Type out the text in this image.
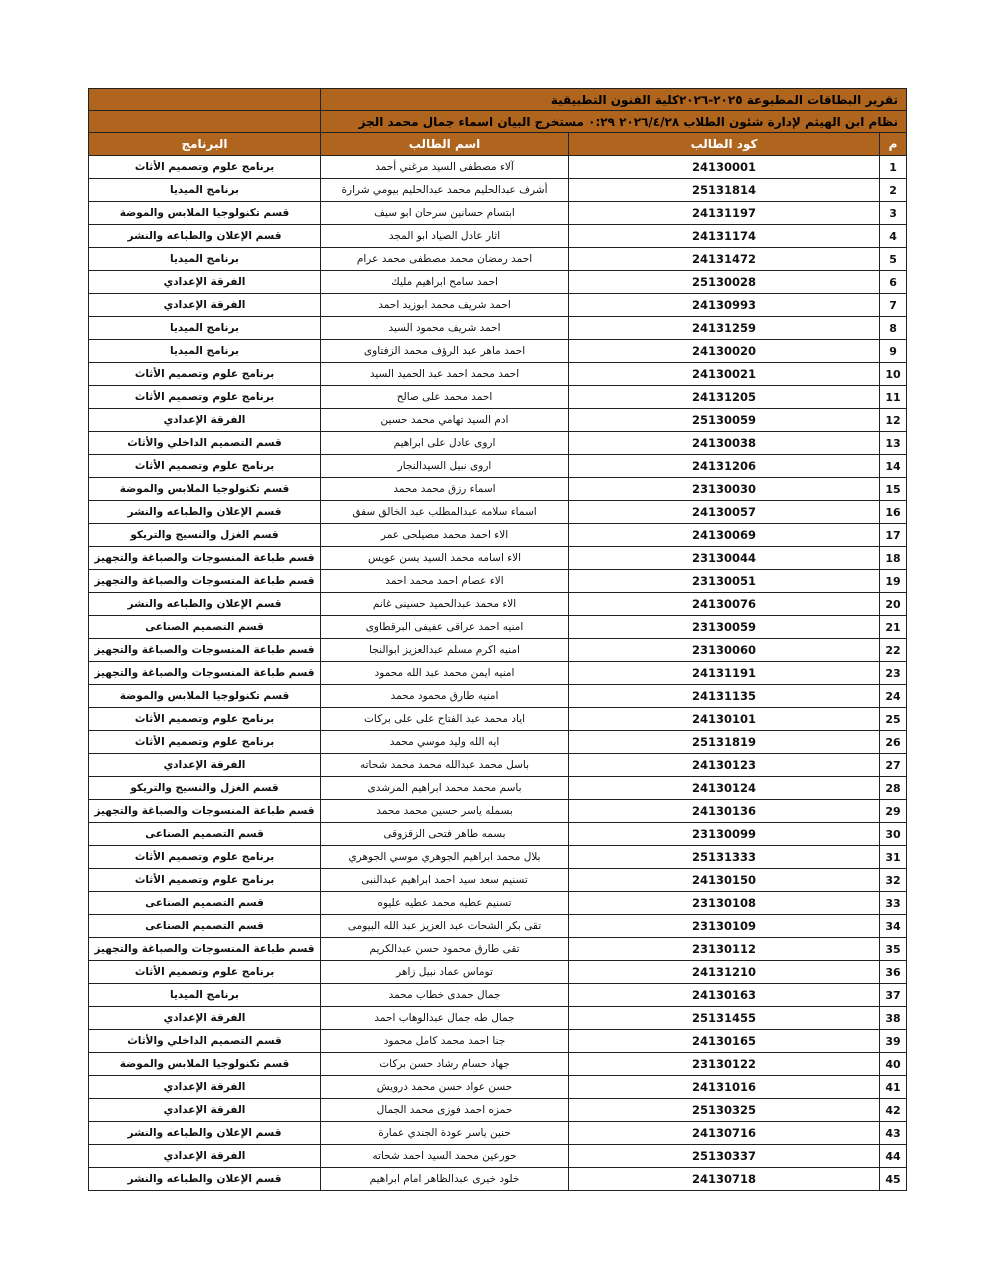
تقرير البطاقات المطبوعة ٢٠٢٥-٢٠٢٦كلية الفنون التطبيقية			
نظام ابن الهيثم لإدارة شئون الطلاب ٢٠٢٦/٤/٢٨ ٠:٢٩ مستخرج البيان اسماء جمال محمد الجز			
م	كود الطالب	اسم الطالب	البرنامج
1	24130001	آلاء مصطفى السيد مرغني أحمد	برنامج علوم وتصميم الأثاث
2	25131814	أشرف عبدالحليم محمد عبدالحليم بيومي شرارة	برنامج الميديا
3	24131197	ابتسام حسانين سرحان ابو سيف	قسم تكنولوجيا الملابس والموضة
4	24131174	اثار عادل الصياد ابو المجد	قسم الإعلان والطباعه والنشر
5	24131472	احمد رمضان محمد مصطفى محمد عرام	برنامج الميديا
6	25130028	احمد سامح ابراهيم مليك	الفرقة الإعدادي
7	24130993	احمد شريف محمد ابوزيد احمد	الفرقة الإعدادي
8	24131259	احمد شريف محمود السيد	برنامج الميديا
9	24130020	احمد ماهر عبد الرؤف محمد الزفتاوى	برنامج الميديا
10	24130021	احمد محمد احمد عبد الحميد السيد	برنامج علوم وتصميم الأثاث
11	24131205	احمد محمد على صالح	برنامج علوم وتصميم الأثاث
12	25130059	ادم السيد تهامي محمد حسين	الفرقة الإعدادي
13	24130038	اروى عادل على ابراهيم	قسم التصميم الداخلي والأثاث
14	24131206	اروى نبيل السيدالنجار	برنامج علوم وتصميم الأثاث
15	23130030	اسماء رزق محمد محمد	قسم تكنولوجيا الملابس والموضة
16	24130057	اسماء سلامه عبدالمطلب عبد الخالق سفق	قسم الإعلان والطباعه والنشر
17	24130069	الاء احمد محمد مصيلحى عمر	قسم الغزل والنسيج والتريكو
18	23130044	الاء اسامه محمد السيد يسن عويس	قسم طباعة المنسوجات والصباغة والتجهيز
19	23130051	الاء عصام احمد محمد احمد	قسم طباعة المنسوجات والصباغة والتجهيز
20	24130076	الاء محمد عبدالحميد حسينى غانم	قسم الإعلان والطباعه والنشر
21	23130059	امنيه احمد عراقى عفيفى البرقطاوى	قسم التصميم الصناعى
22	23130060	امنيه اكرم مسلم عبدالعزيز ابوالنجا	قسم طباعة المنسوجات والصباغة والتجهيز
23	24131191	امنيه ايمن محمد عبد الله محمود	قسم طباعة المنسوجات والصباغة والتجهيز
24	24131135	امنيه طارق محمود محمد	قسم تكنولوجيا الملابس والموضة
25	24130101	اياد محمد عبد الفتاح على على بركات	برنامج علوم وتصميم الأثاث
26	25131819	ايه الله وليد موسي محمد	برنامج علوم وتصميم الأثاث
27	24130123	باسل محمد عبدالله محمد محمد شحاته	الفرقة الإعدادي
28	24130124	باسم محمد محمد ابراهيم المرشدى	قسم الغزل والنسيج والتريكو
29	24130136	بسمله ياسر حسين محمد محمد	قسم طباعة المنسوجات والصباغة والتجهيز
30	23130099	بسمه طاهر فتحى الزقزوقى	قسم التصميم الصناعى
31	25131333	بلال محمد ابراهيم الجوهري موسي الجوهري	برنامج علوم وتصميم الأثاث
32	24130150	تسنيم سعد سيد احمد ابراهيم عبدالنبى	برنامج علوم وتصميم الأثاث
33	23130108	تسنيم عطيه محمد عطيه عليوه	قسم التصميم الصناعى
34	23130109	تقى بكر الشحات عبد العزيز عبد الله البيومى	قسم التصميم الصناعى
35	23130112	تقى طارق محمود حسن عبدالكريم	قسم طباعة المنسوجات والصباغة والتجهيز
36	24131210	توماس عماد نبيل زاهر	برنامج علوم وتصميم الأثاث
37	24130163	جمال حمدى خطاب محمد	برنامج الميديا
38	25131455	جمال طه جمال عبدالوهاب احمد	الفرقة الإعدادي
39	24130165	جنا احمد محمد كامل محمود	قسم التصميم الداخلي والأثاث
40	23130122	جهاد حسام رشاد حسن بركات	قسم تكنولوجيا الملابس والموضة
41	24131016	حسن عواد حسن محمد درويش	الفرقة الإعدادي
42	25130325	حمزه احمد فوزى محمد الجمال	الفرقة الإعدادي
43	24130716	حنين ياسر عودة الجندي عمارة	قسم الإعلان والطباعه والنشر
44	25130337	حورعين محمد السيد احمد شحاته	الفرقة الإعدادي
45	24130718	خلود خيرى عبدالظاهر امام ابراهيم	قسم الإعلان والطباعه والنشر
